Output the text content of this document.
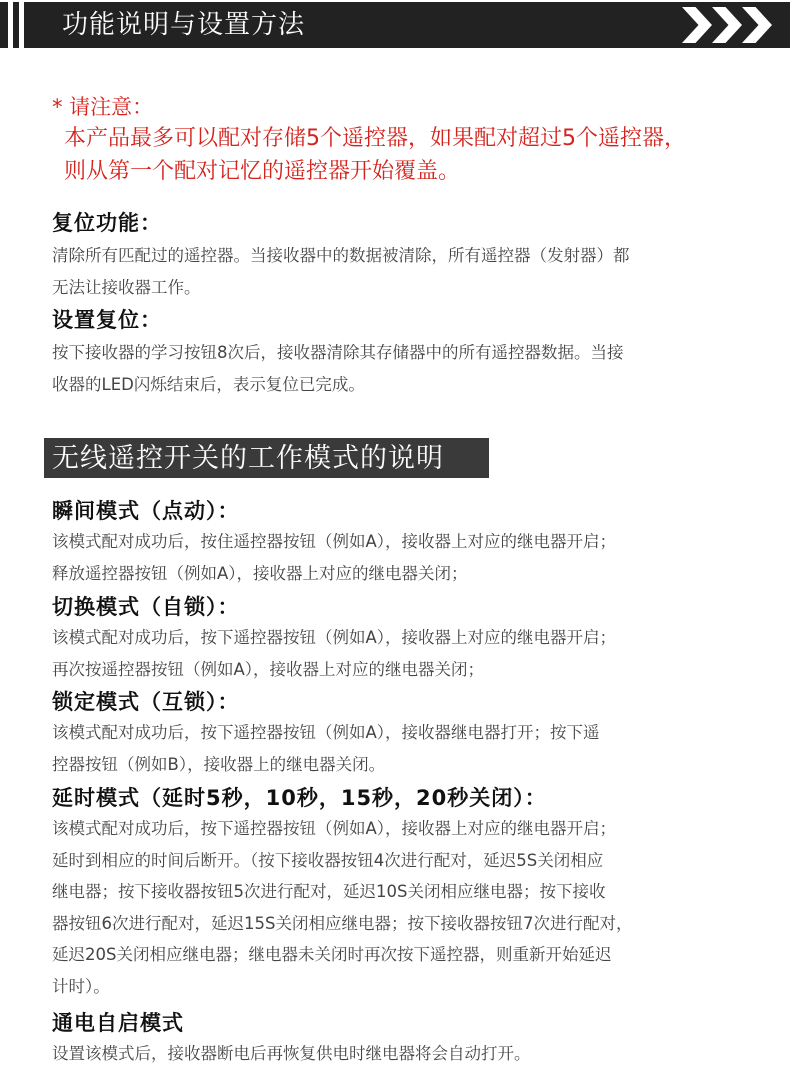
功能说明与设置方法
* 请注意：
本产品最多可以配对存储5个遥控器，如果配对超过5个遥控器，
则从第一个配对记忆的遥控器开始覆盖。
复位功能：
清除所有匹配过的遥控器。当接收器中的数据被清除，所有遥控器（发射器）都
无法让接收器工作。
设置复位：
按下接收器的学习按钮8次后，接收器清除其存储器中的所有遥控器数据。当接
收器的LED闪烁结束后，表示复位已完成。
无线遥控开关的工作模式的说明
瞬间模式（点动）：
该模式配对成功后，按住遥控器按钮（例如A），接收器上对应的继电器开启；
释放遥控器按钮（例如A），接收器上对应的继电器关闭；
切换模式（自锁）：
该模式配对成功后，按下遥控器按钮（例如A），接收器上对应的继电器开启；
再次按遥控器按钮（例如A），接收器上对应的继电器关闭；
锁定模式（互锁）：
该模式配对成功后，按下遥控器按钮（例如A），接收器继电器打开；按下遥
控器按钮（例如B），接收器上的继电器关闭。
延时模式（延时5秒，10秒，15秒，20秒关闭）：
该模式配对成功后，按下遥控器按钮（例如A），接收器上对应的继电器开启；
延时到相应的时间后断开。（按下接收器按钮4次进行配对，延迟5S关闭相应
继电器；按下接收器按钮5次进行配对，延迟10S关闭相应继电器；按下接收
器按钮6次进行配对，延迟15S关闭相应继电器；按下接收器按钮7次进行配对，
延迟20S关闭相应继电器；继电器未关闭时再次按下遥控器，则重新开始延迟
计时）。
通电自启模式
设置该模式后，接收器断电后再恢复供电时继电器将会自动打开。
